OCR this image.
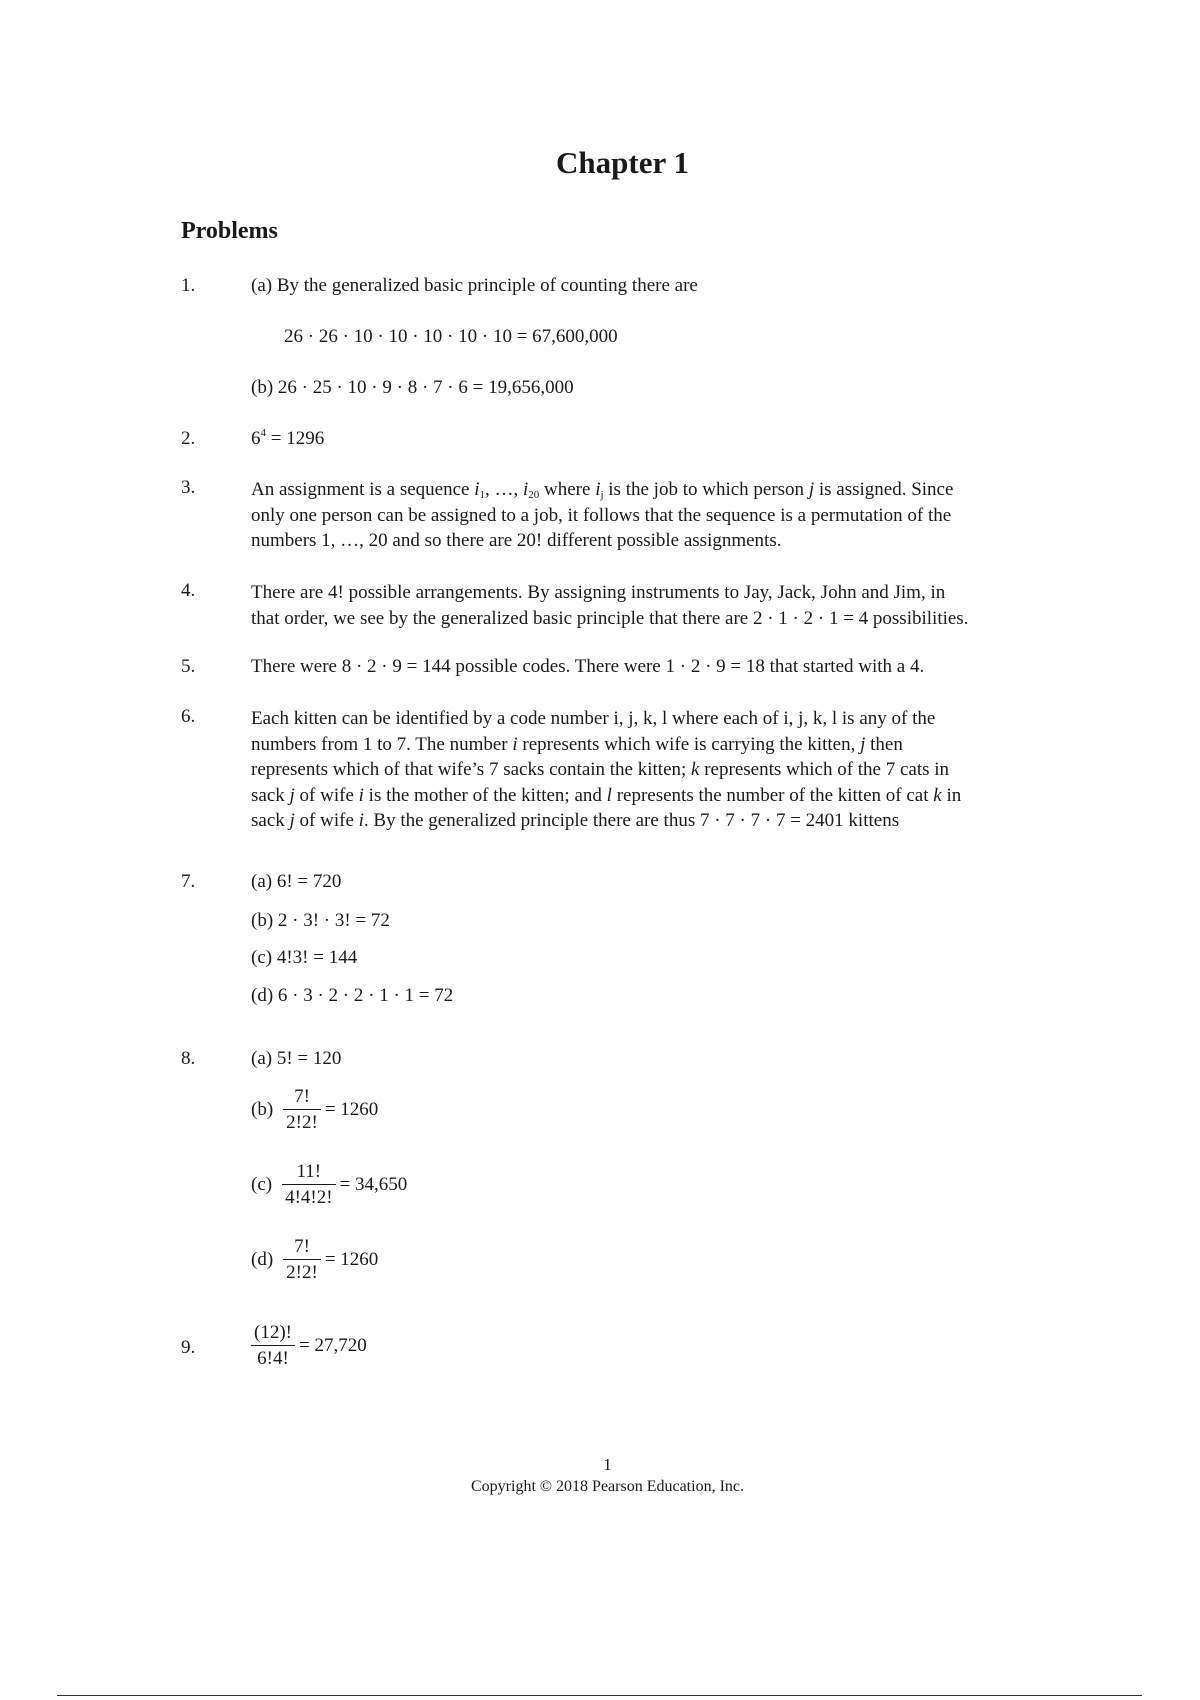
Chapter 1
Problems
1.	(a) By the generalized basic principle of counting there are
26 · 26 · 10 · 10 · 10 · 10 · 10 = 67,600,000
(b) 26 · 25 · 10 · 9 · 8 · 7 · 6 = 19,656,000
2.	$6^4 = 1296$
3.	An assignment is a sequence $i_1$, …, $i_{20}$ where $i_j$ is the job to which person j is assigned. Since
only one person can be assigned to a job, it follows that the sequence is a permutation of the
numbers 1, …, 20 and so there are 20! different possible assignments.
4.	There are 4! possible arrangements. By assigning instruments to Jay, Jack, John and Jim, in
that order, we see by the generalized basic principle that there are 2 · 1 · 2 · 1 = 4 possibilities.
5.	There were 8 · 2 · 9 = 144 possible codes. There were 1 · 2 · 9 = 18 that started with a 4.
6.	Each kitten can be identified by a code number i, j, k, l where each of i, j, k, l is any of the
numbers from 1 to 7. The number i represents which wife is carrying the kitten, j then
represents which of that wife’s 7 sacks contain the kitten; k represents which of the 7 cats in
sack j of wife i is the mother of the kitten; and l represents the number of the kitten of cat k in
sack j of wife i. By the generalized principle there are thus 7 · 7 · 7 · 7 = 2401 kittens
7.	(a) 6! = 720
(b) 2 · 3! · 3! = 72
(c) 4!3! = 144
(d) 6 · 3 · 2 · 2 · 1 · 1 = 72
8.	(a) 5! = 120
$(b) \frac{7!}{2!2!} = 1260$
$(c) \frac{11!}{4!4!2!} = 34,650$
$(d) \frac{7!}{2!2!} = 1260$
9.	$\frac{(12)!}{6!4!} = 27,720$
1
Copyright © 2018 Pearson Education, Inc.
